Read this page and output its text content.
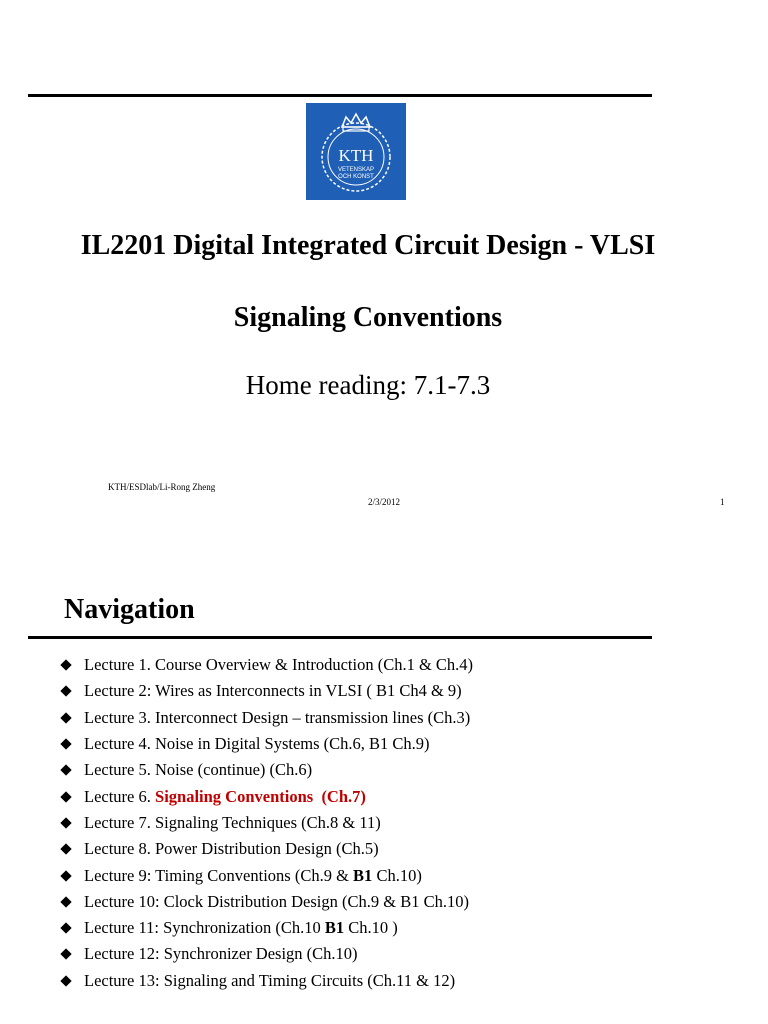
KTH
VETENSKAP
OCH KONST
IL2201 Digital Integrated Circuit Design - VLSI
Signaling Conventions
Home reading: 7.1-7.3
KTH/ESDlab/Li-Rong Zheng
2/3/2012	1
Navigation
Lecture 1. Course Overview & Introduction (Ch.1 & Ch.4)
Lecture 2: Wires as Interconnects in VLSI ( B1 Ch4 & 9)
Lecture 3. Interconnect Design – transmission lines (Ch.3)
Lecture 4. Noise in Digital Systems (Ch.6, B1 Ch.9)
Lecture 5. Noise (continue) (Ch.6)
Lecture 6. Signaling Conventions  (Ch.7)
Lecture 7. Signaling Techniques (Ch.8 & 11)
Lecture 8. Power Distribution Design (Ch.5)
Lecture 9: Timing Conventions (Ch.9 & B1 Ch.10)
Lecture 10: Clock Distribution Design (Ch.9 & B1 Ch.10)
Lecture 11: Synchronization (Ch.10 B1 Ch.10 )
Lecture 12: Synchronizer Design (Ch.10)
Lecture 13: Signaling and Timing Circuits (Ch.11 & 12)
